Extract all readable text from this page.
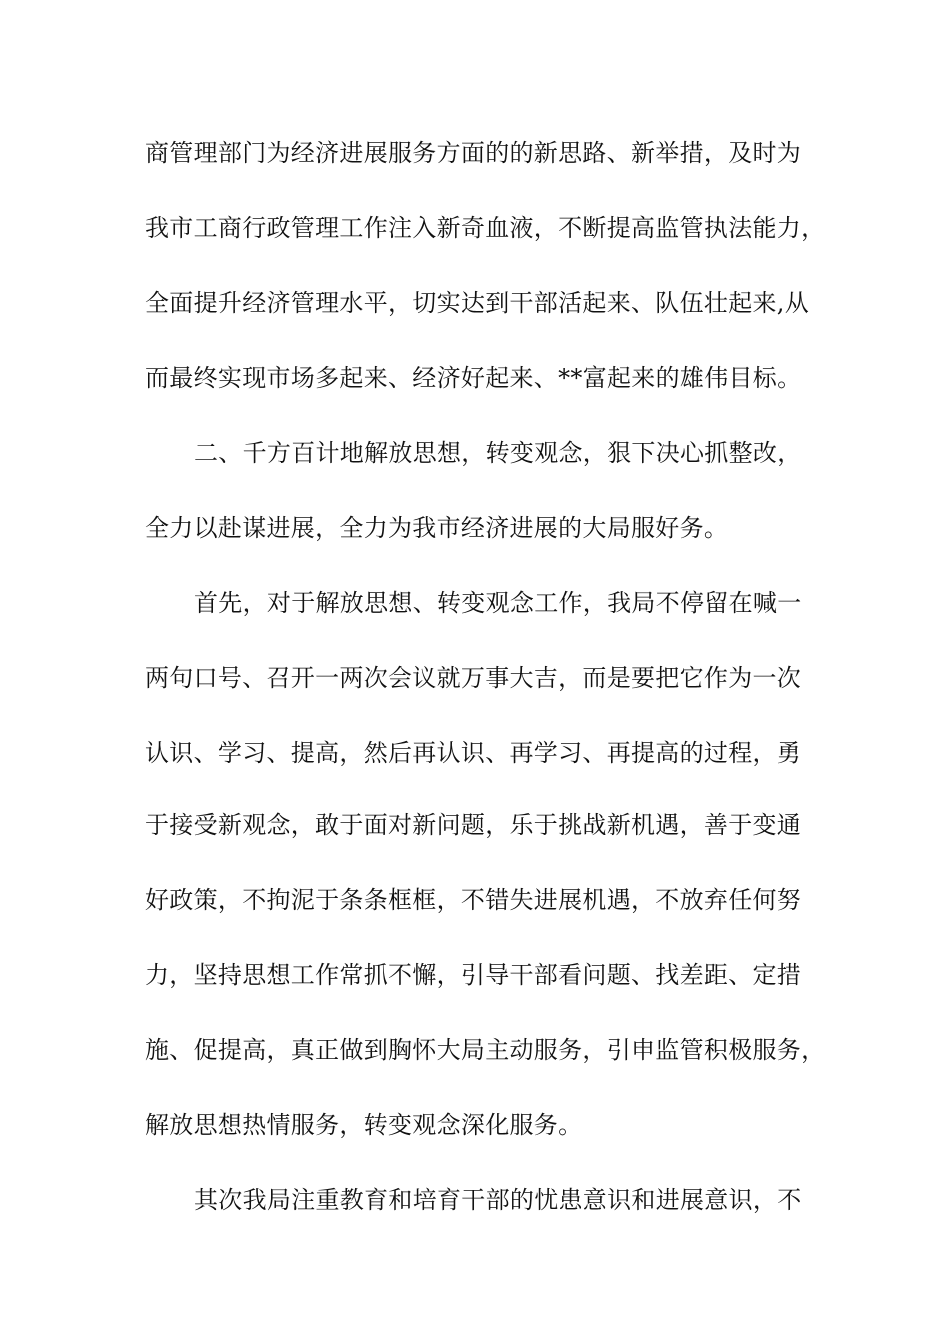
商管理部门为经济进展服务方面的的新思路、新举措，及时为
我市工商行政管理工作注入新奇血液，不断提高监管执法能力，
全面提升经济管理水平，切实达到干部活起来、队伍壮起来,从
而最终实现市场多起来、经济好起来、**富起来的雄伟目标。
二、千方百计地解放思想，转变观念，狠下决心抓整改，
全力以赴谋进展，全力为我市经济进展的大局服好务。
首先，对于解放思想、转变观念工作，我局不停留在喊一
两句口号、召开一两次会议就万事大吉，而是要把它作为一次
认识、学习、提高，然后再认识、再学习、再提高的过程，勇
于接受新观念，敢于面对新问题，乐于挑战新机遇，善于变通
好政策，不拘泥于条条框框，不错失进展机遇，不放弃任何努
力，坚持思想工作常抓不懈，引导干部看问题、找差距、定措
施、促提高，真正做到胸怀大局主动服务，引申监管积极服务，
解放思想热情服务，转变观念深化服务。
其次我局注重教育和培育干部的忧患意识和进展意识，不
